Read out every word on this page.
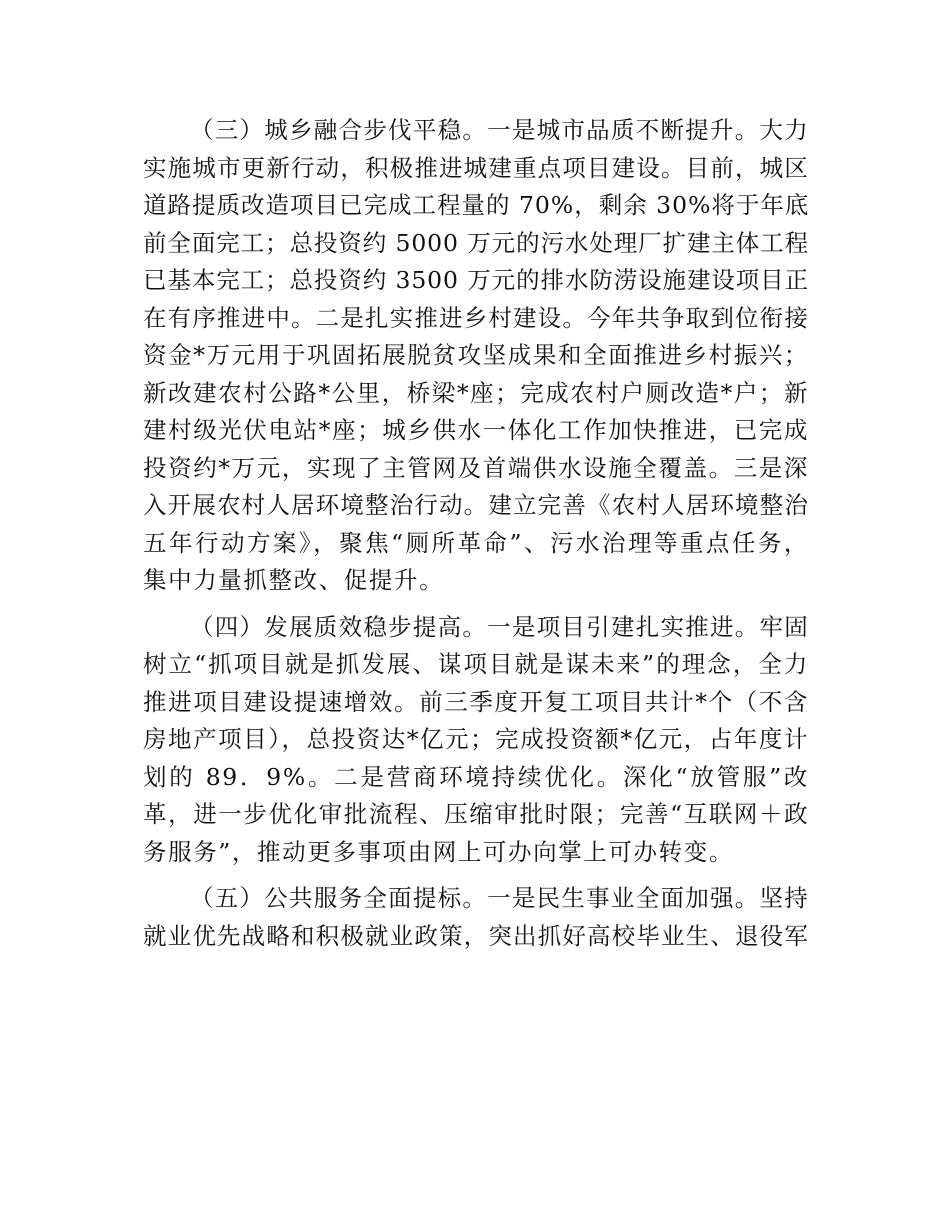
（三）城乡融合步伐平稳。一是城市品质不断提升。大力
实施城市更新行动，积极推进城建重点项目建设。目前，城区
道路提质改造项目已完成工程量的 70%，剩余 30%将于年底
前全面完工；总投资约 5000 万元的污水处理厂扩建主体工程
已基本完工；总投资约 3500 万元的排水防涝设施建设项目正
在有序推进中。二是扎实推进乡村建设。今年共争取到位衔接
资金*万元用于巩固拓展脱贫攻坚成果和全面推进乡村振兴；
新改建农村公路*公里，桥梁*座；完成农村户厕改造*户；新
建村级光伏电站*座；城乡供水一体化工作加快推进，已完成
投资约*万元，实现了主管网及首端供水设施全覆盖。三是深
入开展农村人居环境整治行动。建立完善《农村人居环境整治
五年行动方案》，聚焦“厕所革命”、污水治理等重点任务，
集中力量抓整改、促提升。
（四）发展质效稳步提高。一是项目引建扎实推进。牢固
树立“抓项目就是抓发展、谋项目就是谋未来”的理念，全力
推进项目建设提速增效。前三季度开复工项目共计*个（不含
房地产项目），总投资达*亿元；完成投资额*亿元，占年度计
划的 89．9%。二是营商环境持续优化。深化“放管服”改
革，进一步优化审批流程、压缩审批时限；完善“互联网＋政
务服务”，推动更多事项由网上可办向掌上可办转变。
（五）公共服务全面提标。一是民生事业全面加强。坚持
就业优先战略和积极就业政策，突出抓好高校毕业生、退役军
